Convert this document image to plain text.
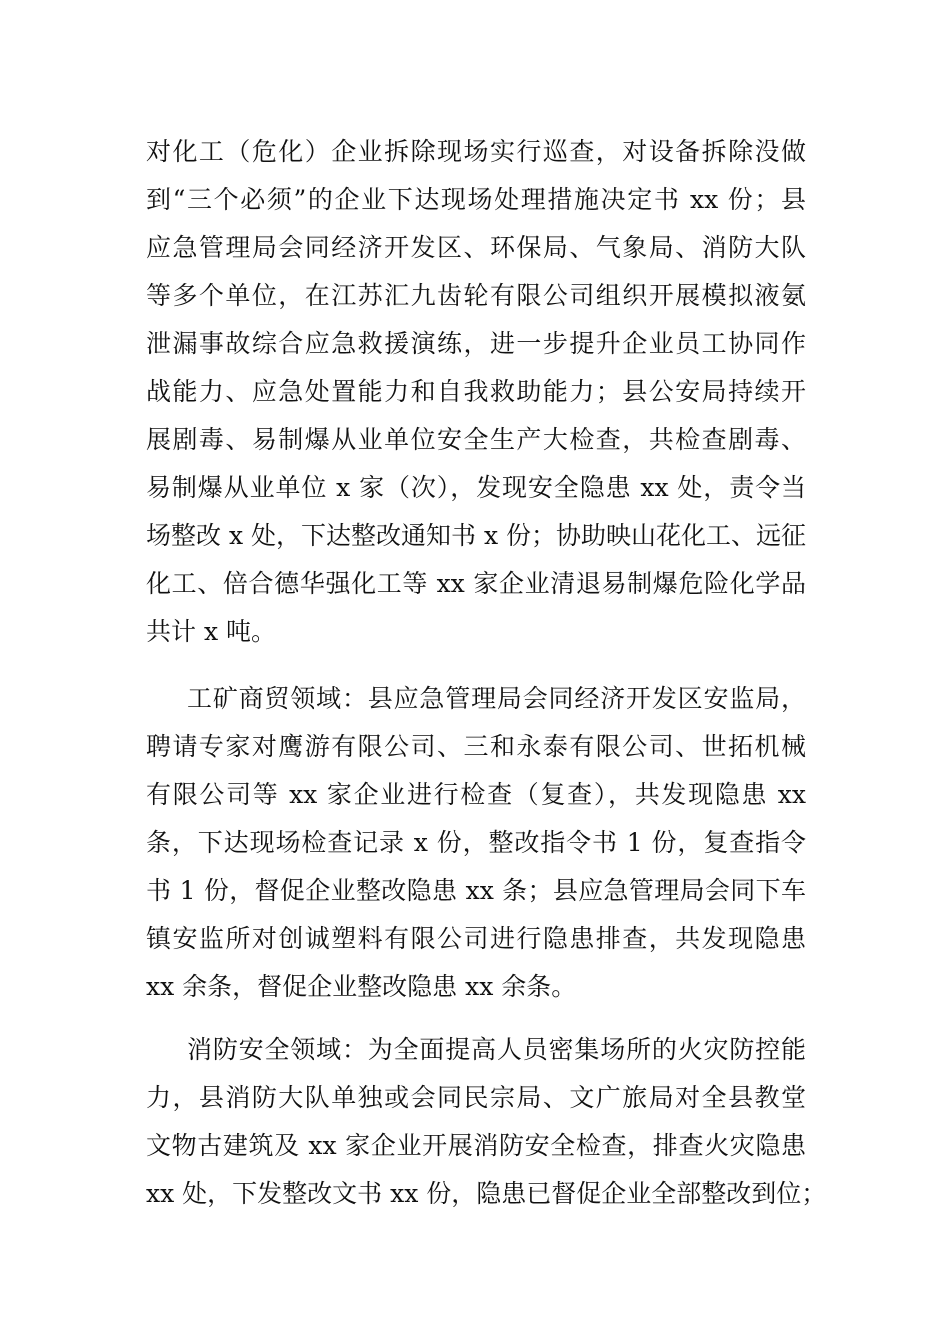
对化工（危化）企业拆除现场实行巡查，对设备拆除没做
到“三个必须”的企业下达现场处理措施决定书 xx 份；县
应急管理局会同经济开发区、环保局、气象局、消防大队
等多个单位，在江苏汇九齿轮有限公司组织开展模拟液氨
泄漏事故综合应急救援演练，进一步提升企业员工协同作
战能力、应急处置能力和自我救助能力；县公安局持续开
展剧毒、易制爆从业单位安全生产大检查，共检查剧毒、
易制爆从业单位 x 家（次），发现安全隐患 xx 处，责令当
场整改 x 处，下达整改通知书 x 份；协助映山花化工、远征
化工、倍合德华强化工等 xx 家企业清退易制爆危险化学品
共计 x 吨。
工矿商贸领域：县应急管理局会同经济开发区安监局，
聘请专家对鹰游有限公司、三和永泰有限公司、世拓机械
有限公司等 xx 家企业进行检查（复查），共发现隐患 xx
条，下达现场检查记录 x 份，整改指令书 1 份，复查指令
书 1 份，督促企业整改隐患 xx 条；县应急管理局会同下车
镇安监所对创诚塑料有限公司进行隐患排查，共发现隐患
xx 余条，督促企业整改隐患 xx 余条。
消防安全领域：为全面提高人员密集场所的火灾防控能
力，县消防大队单独或会同民宗局、文广旅局对全县教堂
文物古建筑及 xx 家企业开展消防安全检查，排查火灾隐患
xx 处，下发整改文书 xx 份，隐患已督促企业全部整改到位；
